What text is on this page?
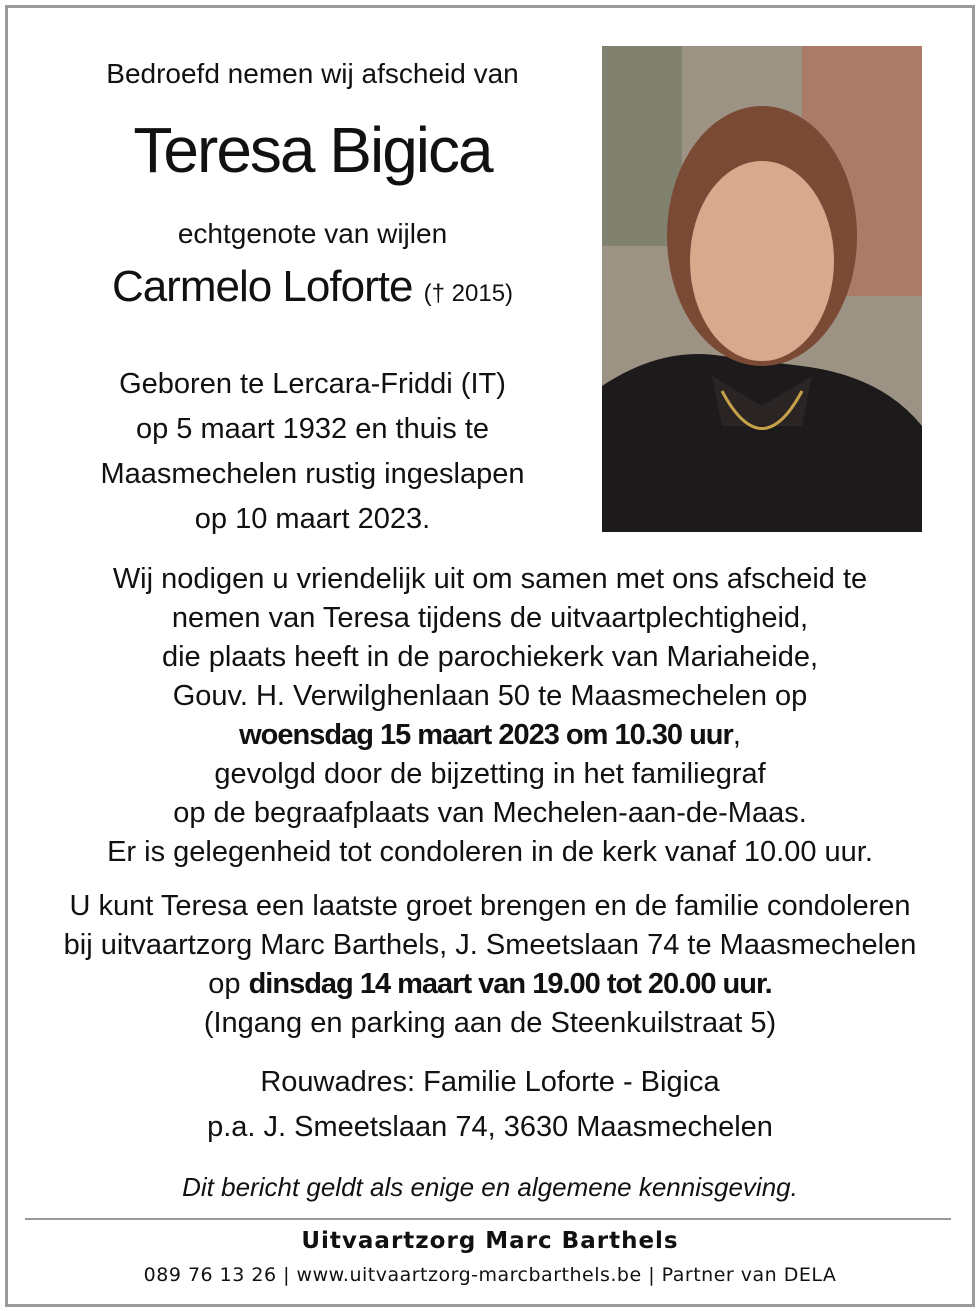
Bedroefd nemen wij afscheid van
Teresa Bigica
echtgenote van wijlen
Carmelo Loforte († 2015)
Geboren te Lercara-Friddi (IT)
op 5 maart 1932 en thuis te
Maasmechelen rustig ingeslapen
op 10 maart 2023.
Wij nodigen u vriendelijk uit om samen met ons afscheid te
nemen van Teresa tijdens de uitvaartplechtigheid,
die plaats heeft in de parochiekerk van Mariaheide,
Gouv. H. Verwilghenlaan 50 te Maasmechelen op
woensdag 15 maart 2023 om 10.30 uur,
gevolgd door de bijzetting in het familiegraf
op de begraafplaats van Mechelen-aan-de-Maas.
Er is gelegenheid tot condoleren in de kerk vanaf 10.00 uur.
U kunt Teresa een laatste groet brengen en de familie condoleren
bij uitvaartzorg Marc Barthels, J. Smeetslaan 74 te Maasmechelen
op dinsdag 14 maart van 19.00 tot 20.00 uur.
(Ingang en parking aan de Steenkuilstraat 5)
Rouwadres: Familie Loforte - Bigica
p.a. J. Smeetslaan 74, 3630 Maasmechelen
Dit bericht geldt als enige en algemene kennisgeving.
Uitvaartzorg Marc Barthels
089 76 13 26 | www.uitvaartzorg-marcbarthels.be | Partner van DELA
